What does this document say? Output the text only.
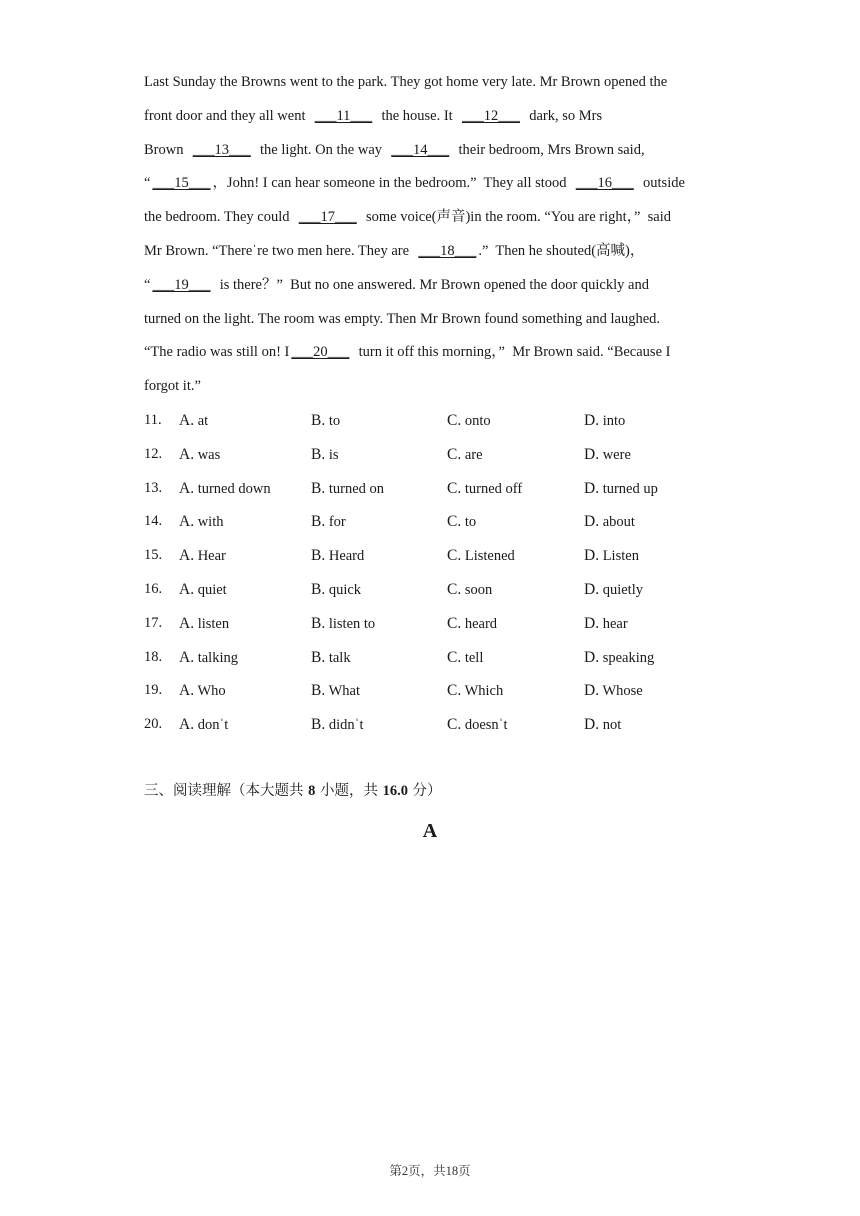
Last Sunday the Browns went to the park. They got home very late. Mr Brown opened the
front door and they all went  ___11___  the house. It  ___12___  dark, so Mrs
Brown  ___13___  the light. On the way  ___14___  their bedroom, Mrs Brown said,
“ ___15___ ，John! I can hear someone in the bedroom.”  They all stood  ___16___  outside
the bedroom. They could  ___17___  some voice(声音)in the room. “You are right，”  said
Mr Brown. “Thereˈre two men here. They are  ___18___ .”  Then he shouted(高喊)，
“ ___19___  is there？”  But no one answered. Mr Brown opened the door quickly and
turned on the light. The room was empty. Then Mr Brown found something and laughed.
“The radio was still on! I ___20___  turn it off this morning，”  Mr Brown said. “Because I
forgot it.”
11. A. at	B. to	C. onto	D. into
12. A. was	B. is	C. are	D. were
13. A. turned down	B. turned on	C. turned off	D. turned up
14. A. with	B. for	C. to	D. about
15. A. Hear	B. Heard	C. Listened	D. Listen
16. A. quiet	B. quick	C. soon	D. quietly
17. A. listen	B. listen to	C. heard	D. hear
18. A. talking	B. talk	C. tell	D. speaking
19. A. Who	B. What	C. Which	D. Whose
20. A. donˈt	B. didnˈt	C. doesnˈt	D. not
三、阅读理解（本大题共 8 小题，共 16.0 分）
A
第2页，共18页
